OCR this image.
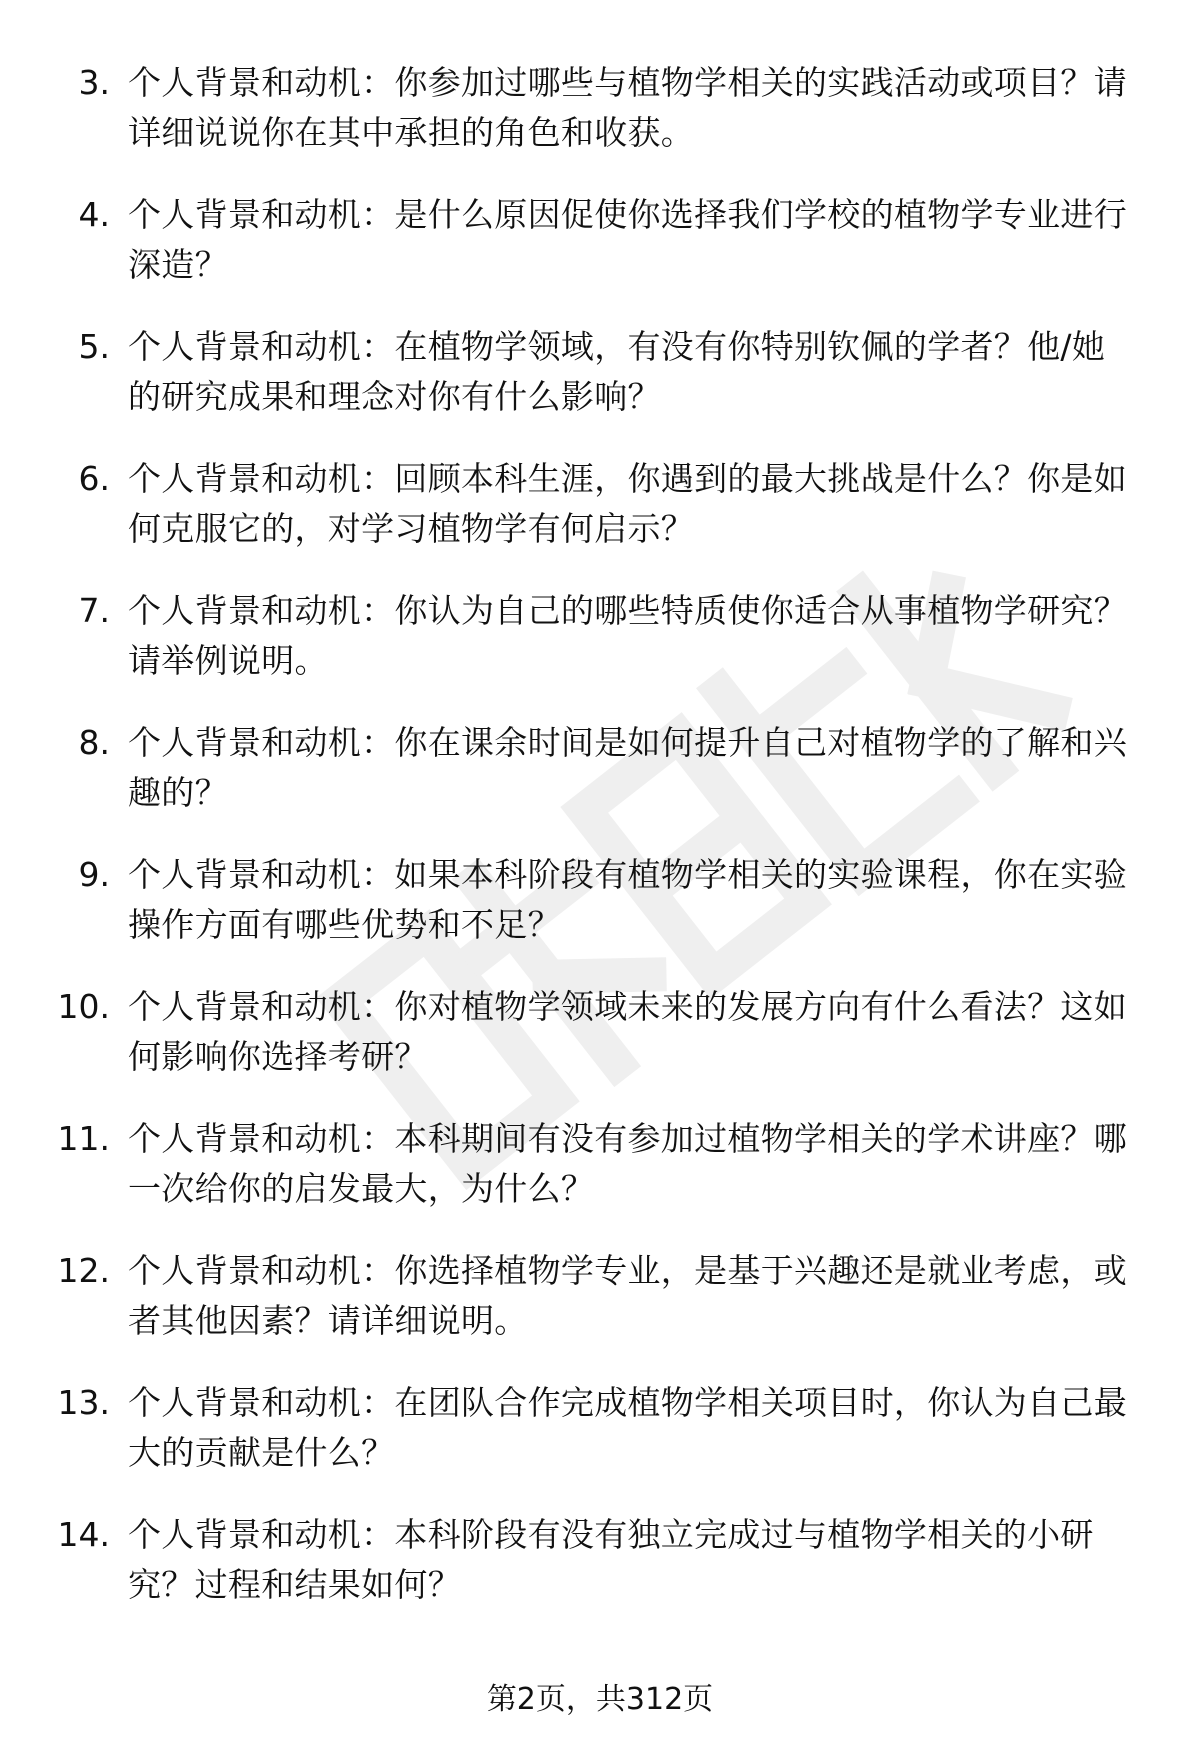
3. 个人背景和动机：你参加过哪些与植物学相关的实践活动或项目？请详细说说你在其中承担的角色和收获。
4. 个人背景和动机：是什么原因促使你选择我们学校的植物学专业进行深造？
5. 个人背景和动机：在植物学领域，有没有你特别钦佩的学者？他/她的研究成果和理念对你有什么影响？
6. 个人背景和动机：回顾本科生涯，你遇到的最大挑战是什么？你是如何克服它的，对学习植物学有何启示？
7. 个人背景和动机：你认为自己的哪些特质使你适合从事植物学研究？请举例说明。
8. 个人背景和动机：你在课余时间是如何提升自己对植物学的了解和兴趣的？
9. 个人背景和动机：如果本科阶段有植物学相关的实验课程，你在实验操作方面有哪些优势和不足？
10. 个人背景和动机：你对植物学领域未来的发展方向有什么看法？这如何影响你选择考研？
11. 个人背景和动机：本科期间有没有参加过植物学相关的学术讲座？哪一次给你的启发最大，为什么？
12. 个人背景和动机：你选择植物学专业，是基于兴趣还是就业考虑，或者其他因素？请详细说明。
13. 个人背景和动机：在团队合作完成植物学相关项目时，你认为自己最大的贡献是什么？
14. 个人背景和动机：本科阶段有没有独立完成过与植物学相关的小研究？过程和结果如何？
第2页，共312页
